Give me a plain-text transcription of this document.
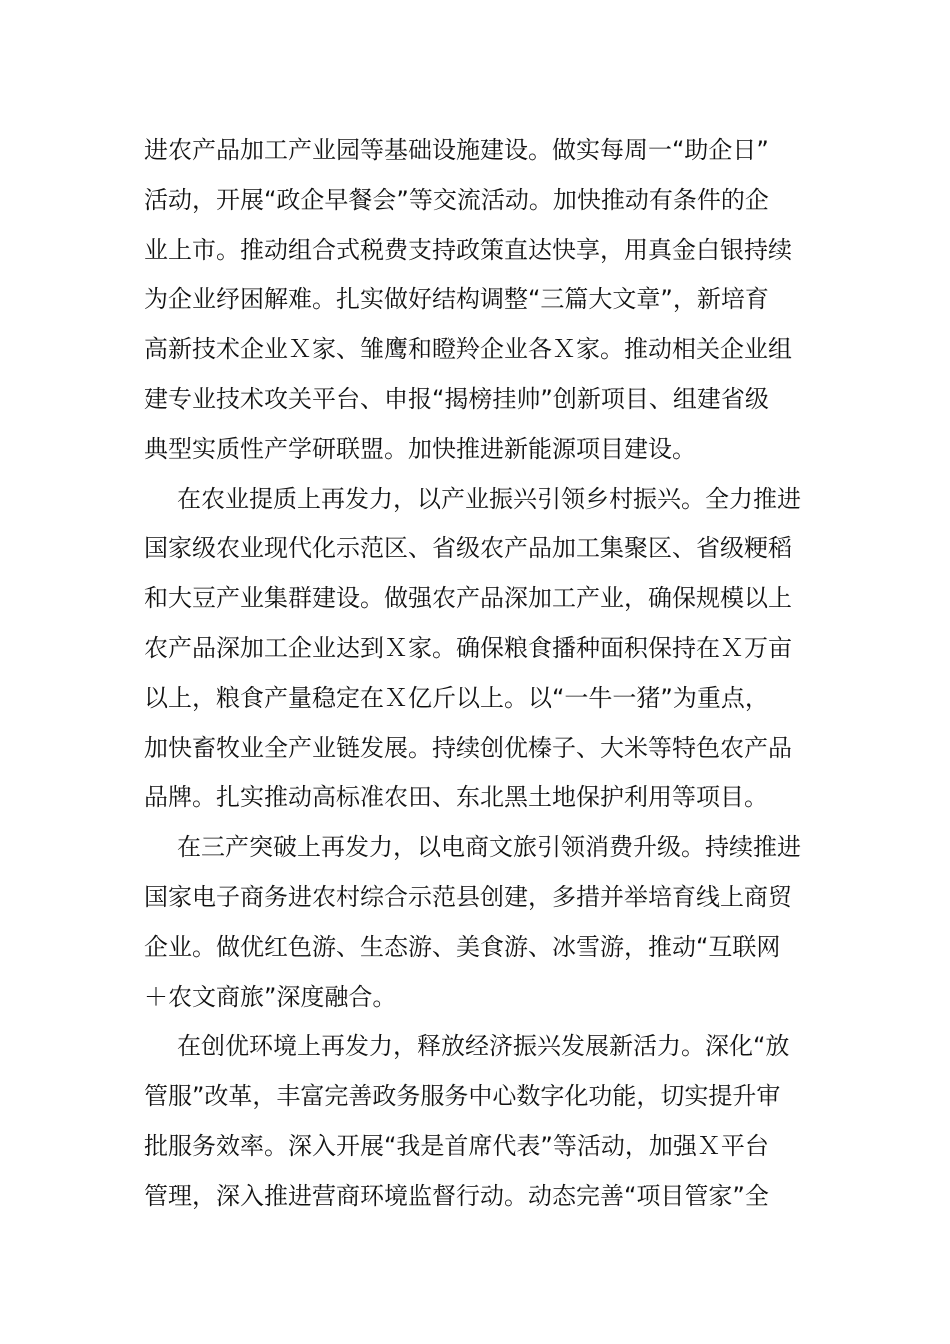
进农产品加工产业园等基础设施建设。做实每周一“助企日”
活动，开展“政企早餐会”等交流活动。加快推动有条件的企
业上市。推动组合式税费支持政策直达快享，用真金白银持续
为企业纾困解难。扎实做好结构调整“三篇大文章”，新培育
高新技术企业Ｘ家、雏鹰和瞪羚企业各Ｘ家。推动相关企业组
建专业技术攻关平台、申报“揭榜挂帅”创新项目、组建省级
典型实质性产学研联盟。加快推进新能源项目建设。

在农业提质上再发力，以产业振兴引领乡村振兴。全力推进
国家级农业现代化示范区、省级农产品加工集聚区、省级粳稻
和大豆产业集群建设。做强农产品深加工产业，确保规模以上
农产品深加工企业达到Ｘ家。确保粮食播种面积保持在Ｘ万亩
以上，粮食产量稳定在Ｘ亿斤以上。以“一牛一猪”为重点，
加快畜牧业全产业链发展。持续创优榛子、大米等特色农产品
品牌。扎实推动高标准农田、东北黑土地保护利用等项目。

在三产突破上再发力，以电商文旅引领消费升级。持续推进
国家电子商务进农村综合示范县创建，多措并举培育线上商贸
企业。做优红色游、生态游、美食游、冰雪游，推动“互联网
＋农文商旅”深度融合。

在创优环境上再发力，释放经济振兴发展新活力。深化“放
管服”改革，丰富完善政务服务中心数字化功能，切实提升审
批服务效率。深入开展“我是首席代表”等活动，加强Ｘ平台
管理，深入推进营商环境监督行动。动态完善“项目管家”全
